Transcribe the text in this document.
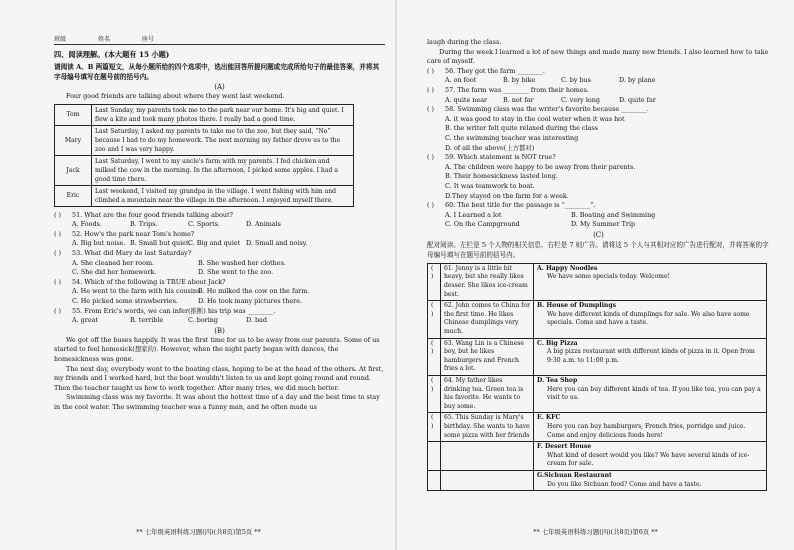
班级	姓名	座号
四、阅读理解。(本大题有 15 小题)
请阅读 A、B 两篇短文，从每小题所给的四个选项中，选出能回答所提问题或完成所给句子的最佳答案，并将其字母编号填写在题号前的括号内。
(A)

Four good friends are talking about where they went last weekend.

Tom	Last Sunday, my parents took me to the park near our home. It's big and quiet. I flew a kite and took many photos there. I really had a good time.
Mary	Last Saturday, I asked my parents to take me to the zoo, but they said, “No” because I had to do my homework. The next morning my father drove us to the zoo and I was very happy.
Jack	Last Saturday, I went to my uncle's farm with my parents. I fed chicken and milked the cow in the morning. In the afternoon, I picked some apples. I had a good time there.
Eric	Last weekend, I visited my grandpa in the village. I went fishing with him and climbed a mountain near the village in the afternoon. I enjoyed myself there.
( ) 51. What are the four good friends talking about?
A. Foods.	B. Trips.	C. Sports.	D. Animals
( ) 52. How's the park near Tom's home?
A. Big but noise. B. Small but quiet.C. Big and quiet D. Small and noisy.
( ) 53. What did Mary do last Saturday?
A. She cleaned her room.	B. She washed her clothes.
C. She did her homework.	D. She went to the zoo.
( ) 54. Which of the following is TRUE about Jack?
A. He went to the farm with his cousins.B. He milked the cow on the farm.
C. He picked some strawberries.	D. He took many pictures there.
( ) 55. From Eric's words, we can infer(推断) his trip was ________.
A. great	B. terrible	C. boring	D. bad
(B)

We got off the buses happily. It was the first time for us to be away from our parents. Some of us started to feel homesick(想家的). However, when the night party began with dances, the homesickness was gone.

The next day, everybody went to the boating class, hoping to be at the head of the others. At first, my friends and I worked hard, but the boat wouldn't listen to us and kept going round and round. Then the teacher taught us how to work together. After many tries, we did much better.

Swimming class was my favorite. It was about the hottest time of a day and the best time to stay in the cool water. The swimming teacher was a funny man, and he often made us

** 七年级英语科练习题(四)(共8页)第5页 **

laugh during the class.

During the week I learned a lot of new things and made many new friends. I also learned how to take care of myself.

( ) 56. They got the farm ________.
A. on foot	B. by bike	C. by bus	D. by plane
( ) 57. The farm was ________ from their homes.
A. quite near B. not far	C. very long	D. quite far
( ) 58. Swimming class was the writer's favorite because ________.
A. it was good to stay in the cool water when it was hot
B. the writer felt quite relaxed during the class
C. the swimming teacher was interesting
D. of all the above(上方都对)
( ) 59. Which statement is NOT true?
A. The children were happy to be away from their parents.
B. Their homesickness lasted long.
C. It was teamwork to boat.
D.They stayed on the farm for a week.
( ) 60. The best title for the passage is “________”.
A. I Learned a lot	B. Boating and Swimming
C. On the Campground	D. My Summer Trip
(C)
配对阅读。左栏是 5 个人物的相关信息，右栏是 7 则广告。请将这 5 个人与其相对应的广告进行配对，并将答案的字母编号填写在题号前的括号内。
( )	61. Jenny is a little bit heavy, but she really likes desser. She likes ice-cream best.	A. Happy Noodles
We have some specials today. Welcome!

( )	62. John comes to China for the first time. He likes Chinese dumplings very much.	B. House of Dumplings
We have different kinds of dumplings for sale. We also have some specials. Come and have a taste.

( )	63. Wang Lin is a Chinese boy, but he likes hamburgers and French fries a lot.	C. Big Pizza
A big pizza restaurant with different kinds of pizza in it. Open from 9:30 a.m. to 11:00 p.m.

( )	64. My father likes drinking tea. Green tea is his favorite. He wants to buy some.	D. Tea Shop
Here you can buy different kinds of tea. If you like tea, you can pay a visit to us.

( )	65. This Sunday is Mary's birthday. She wants to have some pizza with her friends	E. KFC
Here you can buy hamburgers, French fries, porridge and juice. Come and enjoy delicious foods here!

		F. Desert House
What kind of desert would you like? We have several kinds of ice-cream for sale.

		G.Sichuan Restaurant
Do you like Sichuan food? Come and have a taste.
** 七年级英语科练习题(四)(共8页)第6页 **
